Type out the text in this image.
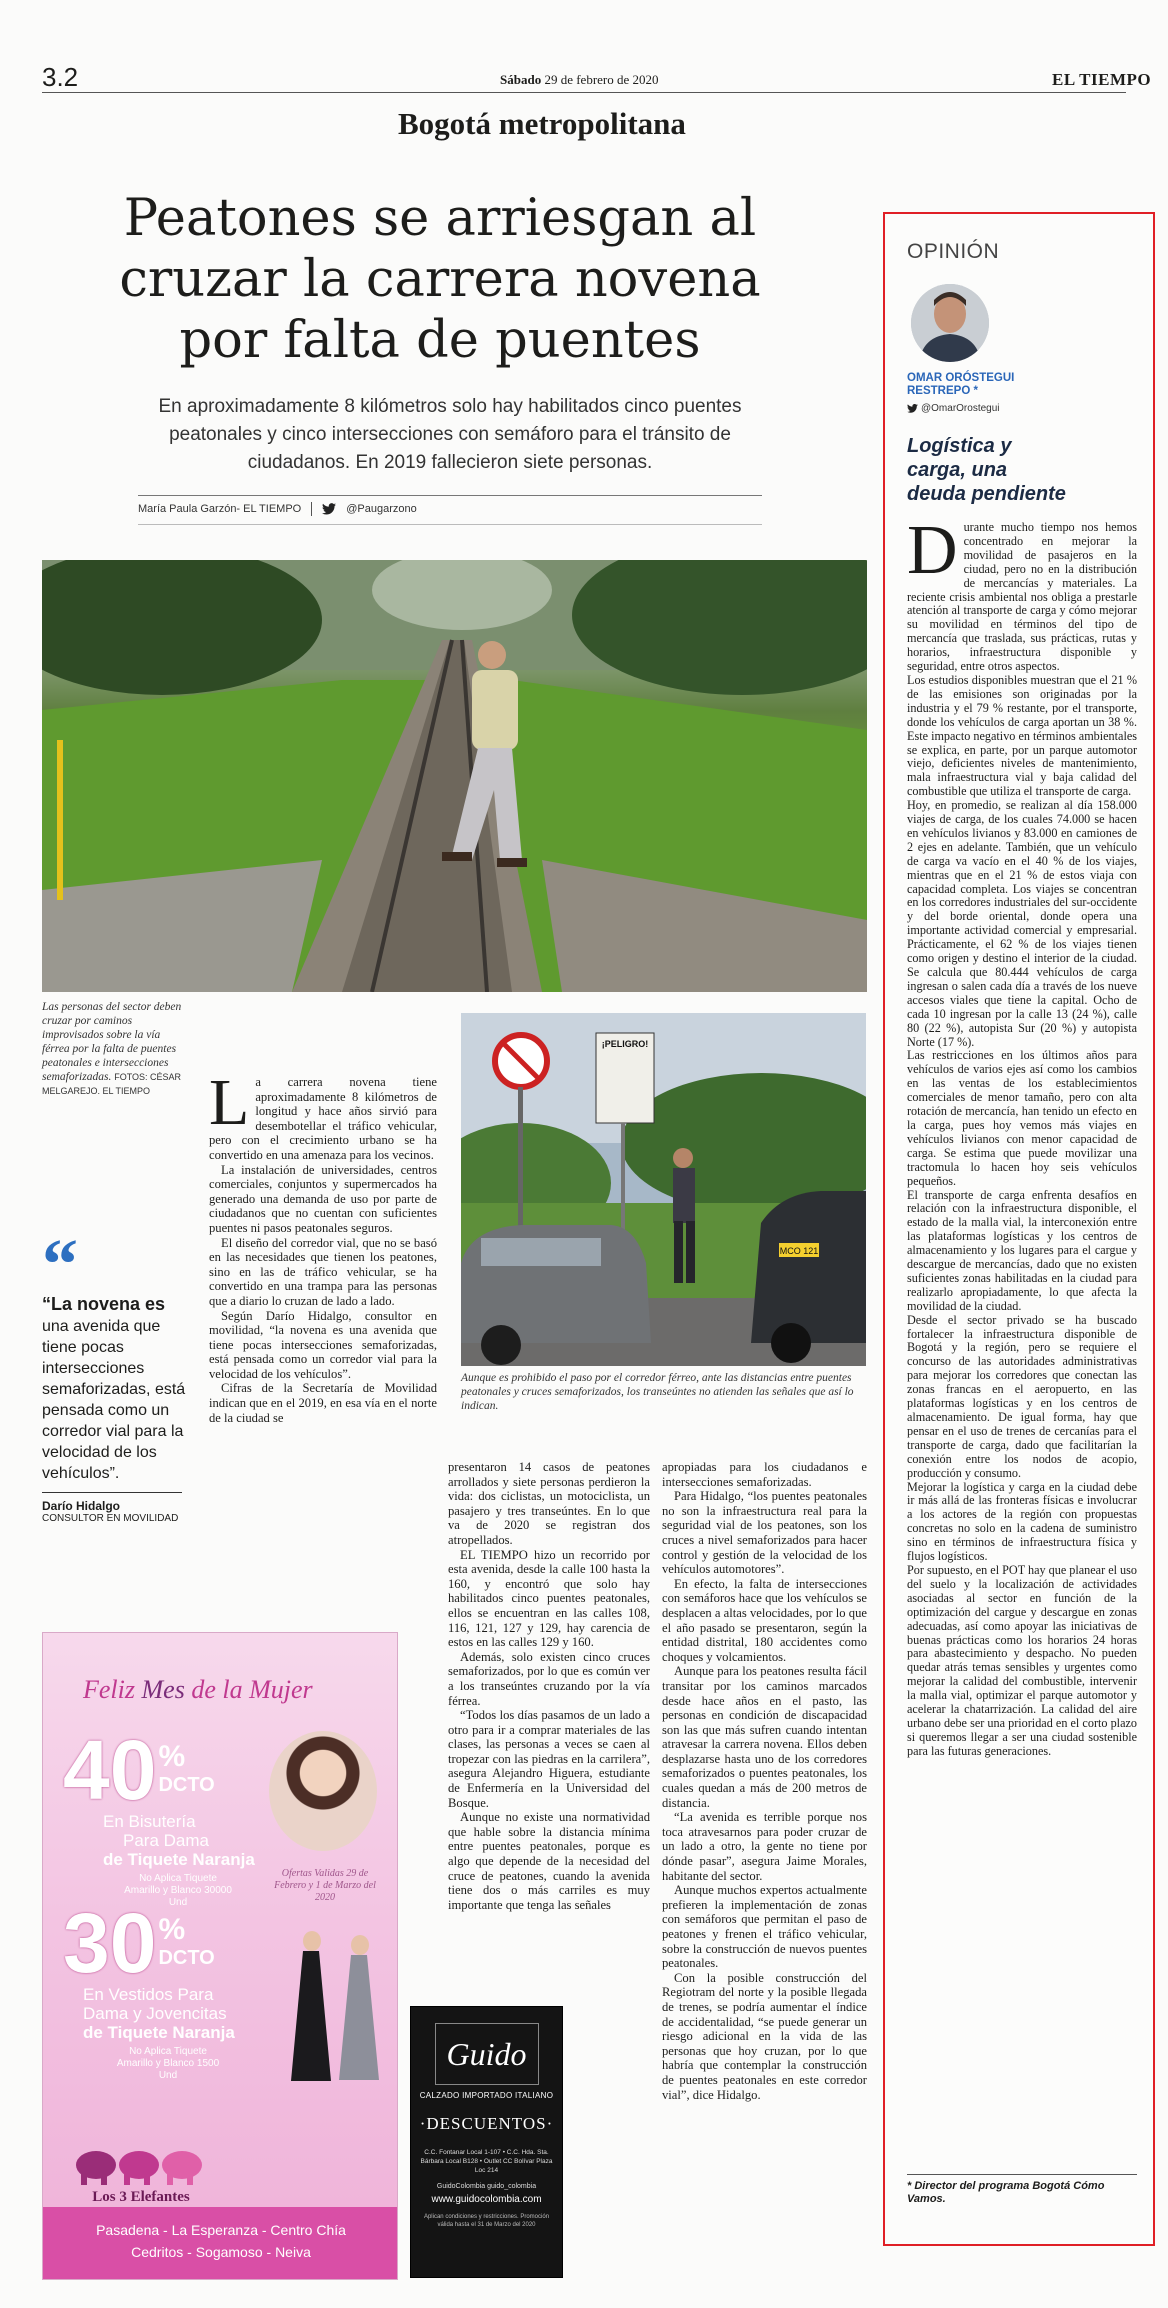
3.2	Sábado 29 de febrero de 2020	EL TIEMPO
Bogotá metropolitana
Peatones se arriesgan al
cruzar la carrera novena
por falta de puentes
En aproximadamente 8 kilómetros solo hay habilitados cinco puentes peatonales y cinco intersecciones con semáforo para el tránsito de ciudadanos. En 2019 fallecieron siete personas.
María Paula Garzón- EL TIEMPO	@Paugarzono
Las personas del sector deben cruzar por caminos improvisados sobre la vía férrea por la falta de puentes peatonales e intersecciones semaforizadas. FOTOS: CÉSAR MELGAREJO. EL TIEMPO
¡PELIGRO!
MCO 121
Aunque es prohibido el paso por el corredor férreo, ante las distancias entre puentes peatonales y cruces semaforizados, los transeúntes no atienden las señales que así lo indican.
“
“La novena es
una avenida que tiene pocas intersecciones semaforizadas, está pensada como un corredor vial para la velocidad de los vehículos”.
Darío Hidalgo
CONSULTOR EN MOVILIDAD

La carrera novena tiene aproximadamente 8 kilómetros de longitud y hace años sirvió para desembotellar el tráfico vehicular, pero con el crecimiento urbano se ha convertido en una amenaza para los vecinos.

La instalación de universidades, centros comerciales, conjuntos y supermercados ha generado una demanda de uso por parte de ciudadanos que no cuentan con suficientes puentes ni pasos peatonales seguros.

El diseño del corredor vial, que no se basó en las necesidades que tienen los peatones, sino en las de tráfico vehicular, se ha convertido en una trampa para las personas que a diario lo cruzan de lado a lado.

Según Darío Hidalgo, consultor en movilidad, “la novena es una avenida que tiene pocas intersecciones semaforizadas, está pensada como un corredor vial para la velocidad de los vehículos”.

Cifras de la Secretaría de Movilidad indican que en el 2019, en esa vía en el norte de la ciudad se

presentaron 14 casos de peatones arrollados y siete personas perdieron la vida: dos ciclistas, un motociclista, un pasajero y tres transeúntes. En lo que va de 2020 se registran dos atropellados.

EL TIEMPO hizo un recorrido por esta avenida, desde la calle 100 hasta la 160, y encontró que solo hay habilitados cinco puentes peatonales, ellos se encuentran en las calles 108, 116, 121, 127 y 129, hay carencia de estos en las calles 129 y 160.

Además, solo existen cinco cruces semaforizados, por lo que es común ver a los transeúntes cruzando por la vía férrea.

“Todos los días pasamos de un lado a otro para ir a comprar materiales de las clases, las personas a veces se caen al tropezar con las piedras en la carrilera”, asegura Alejandro Higuera, estudiante de Enfermería en la Universidad del Bosque.

Aunque no existe una normatividad que hable sobre la distancia mínima entre puentes peatonales, porque es algo que depende de la necesidad del cruce de peatones, cuando la avenida tiene dos o más carriles es muy importante que tenga las señales

apropiadas para los ciudadanos e intersecciones semaforizadas.

Para Hidalgo, “los puentes peatonales no son la infraestructura real para la seguridad vial de los peatones, son los cruces a nivel semaforizados para hacer control y gestión de la velocidad de los vehículos automotores”.

En efecto, la falta de intersecciones con semáforos hace que los vehículos se desplacen a altas velocidades, por lo que el año pasado se presentaron, según la entidad distrital, 180 accidentes como choques y volcamientos.

Aunque para los peatones resulta fácil transitar por los caminos marcados desde hace años en el pasto, las personas en condición de discapacidad son las que más sufren cuando intentan atravesar la carrera novena. Ellos deben desplazarse hasta uno de los corredores semaforizados o puentes peatonales, los cuales quedan a más de 200 metros de distancia.

“La avenida es terrible porque nos toca atravesarnos para poder cruzar de un lado a otro, la gente no tiene por dónde pasar”, asegura Jaime Morales, habitante del sector.

Aunque muchos expertos actualmente prefieren la implementación de zonas con semáforos que permitan el paso de peatones y frenen el tráfico vehicular, sobre la construcción de nuevos puentes peatonales.

Con la posible construcción del Regiotram del norte y la posible llegada de trenes, se podría aumentar el índice de accidentalidad, “se puede generar un riesgo adicional en la vida de las personas que hoy cruzan, por lo que habría que contemplar la construcción de puentes peatonales en este corredor vial”, dice Hidalgo.

Feliz Mes de la Mujer
40 %
DCTO
En Bisutería
Para Dama
de Tiquete Naranja
No Aplica Tiquete Amarillo y Blanco 30000 Und
Ofertas Validas 29 de Febrero y 1 de Marzo del 2020
30 %
DCTO
En Vestidos Para
Dama y Jovencitas
de Tiquete Naranja
No Aplica Tiquete Amarillo y Blanco 1500 Und
Los 3 Elefantes
Pasadena - La Esperanza - Centro Chía
Cedritos - Sogamoso - Neiva
Guido
CALZADO IMPORTADO ITALIANO
·DESCUENTOS·
C.C. Fontanar Local 1-107 • C.C. Hda. Sta. Bárbara Local B128 • Outlet CC Bolívar Plaza Loc 214
GuidoColombia guido_colombia
www.guidocolombia.com
Aplican condiciones y restricciones. Promoción válida hasta el 31 de Marzo del 2020
OPINIÓN
OMAR ORÓSTEGUI
RESTREPO *
@OmarOrostegui
Logística y
carga, una
deuda pendiente

Durante mucho tiempo nos hemos concentrado en mejorar la movilidad de pasajeros en la ciudad, pero no en la distribución de mercancías y materiales. La reciente crisis ambiental nos obliga a prestarle atención al transporte de carga y cómo mejorar su movilidad en términos del tipo de mercancía que traslada, sus prácticas, rutas y horarios, infraestructura disponible y seguridad, entre otros aspectos.

Los estudios disponibles muestran que el 21 % de las emisiones son originadas por la industria y el 79 % restante, por el transporte, donde los vehículos de carga aportan un 38 %. Este impacto negativo en términos ambientales se explica, en parte, por un parque automotor viejo, deficientes niveles de mantenimiento, mala infraestructura vial y baja calidad del combustible que utiliza el transporte de carga.

Hoy, en promedio, se realizan al día 158.000 viajes de carga, de los cuales 74.000 se hacen en vehículos livianos y 83.000 en camiones de 2 ejes en adelante. También, que un vehículo de carga va vacío en el 40 % de los viajes, mientras que en el 21 % de estos viaja con capacidad completa. Los viajes se concentran en los corredores industriales del sur-occidente y del borde oriental, donde opera una importante actividad comercial y empresarial. Prácticamente, el 62 % de los viajes tienen como origen y destino el interior de la ciudad. Se calcula que 80.444 vehículos de carga ingresan o salen cada día a través de los nueve accesos viales que tiene la capital. Ocho de cada 10 ingresan por la calle 13 (24 %), calle 80 (22 %), autopista Sur (20 %) y autopista Norte (17 %).

Las restricciones en los últimos años para vehículos de varios ejes así como los cambios en las ventas de los establecimientos comerciales de menor tamaño, pero con alta rotación de mercancía, han tenido un efecto en la carga, pues hoy vemos más viajes en vehículos livianos con menor capacidad de carga. Se estima que puede movilizar una tractomula lo hacen hoy seis vehículos pequeños.

El transporte de carga enfrenta desafíos en relación con la infraestructura disponible, el estado de la malla vial, la interconexión entre las plataformas logísticas y los centros de almacenamiento y los lugares para el cargue y descargue de mercancías, dado que no existen suficientes zonas habilitadas en la ciudad para realizarlo apropiadamente, lo que afecta la movilidad de la ciudad.

Desde el sector privado se ha buscado fortalecer la infraestructura disponible de Bogotá y la región, pero se requiere el concurso de las autoridades administrativas para mejorar los corredores que conectan las zonas francas en el aeropuerto, en las plataformas logísticas y en los centros de almacenamiento. De igual forma, hay que pensar en el uso de trenes de cercanías para el transporte de carga, dado que facilitarían la conexión entre los nodos de acopio, producción y consumo.

Mejorar la logística y carga en la ciudad debe ir más allá de las fronteras físicas e involucrar a los actores de la región con propuestas concretas no solo en la cadena de suministro sino en términos de infraestructura física y flujos logísticos.

Por supuesto, en el POT hay que planear el uso del suelo y la localización de actividades asociadas al sector en función de la optimización del cargue y descargue en zonas adecuadas, así como apoyar las iniciativas de buenas prácticas como los horarios 24 horas para abastecimiento y despacho. No pueden quedar atrás temas sensibles y urgentes como mejorar la calidad del combustible, intervenir la malla vial, optimizar el parque automotor y acelerar la chatarrización. La calidad del aire urbano debe ser una prioridad en el corto plazo si queremos llegar a ser una ciudad sostenible para las futuras generaciones.

* Director del programa Bogotá Cómo Vamos.
